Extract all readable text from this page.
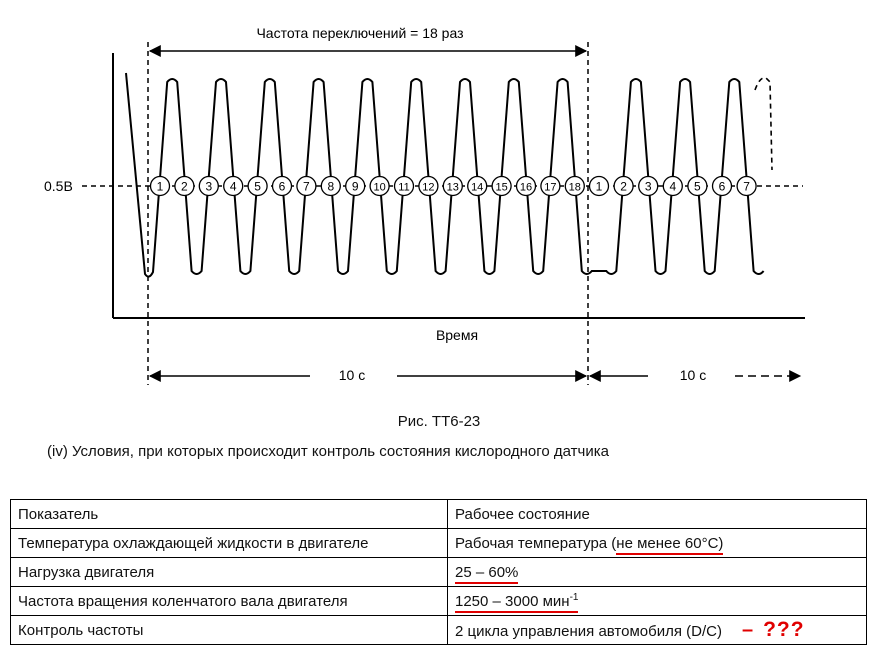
0.5В
Частота переключений = 18 раз
1 2 3 4 5 6 7 8 9 10 11 12 13 14 15 16 17 18 1 2 3 4 5 6 7
Время
10 с	10 с
Рис. TT6-23
(iv) Условия, при которых происходит контроль состояния кислородного датчика
Показатель	Рабочее состояние
Температура охлаждающей жидкости в двигателе	Рабочая температура (не менее 60°C)
Нагрузка двигателя	25 – 60%
Частота вращения коленчатого вала двигателя	1250 – 3000 мин$^{-1}$
Контроль частоты	2 цикла управления автомобиля (D/C) – ???
